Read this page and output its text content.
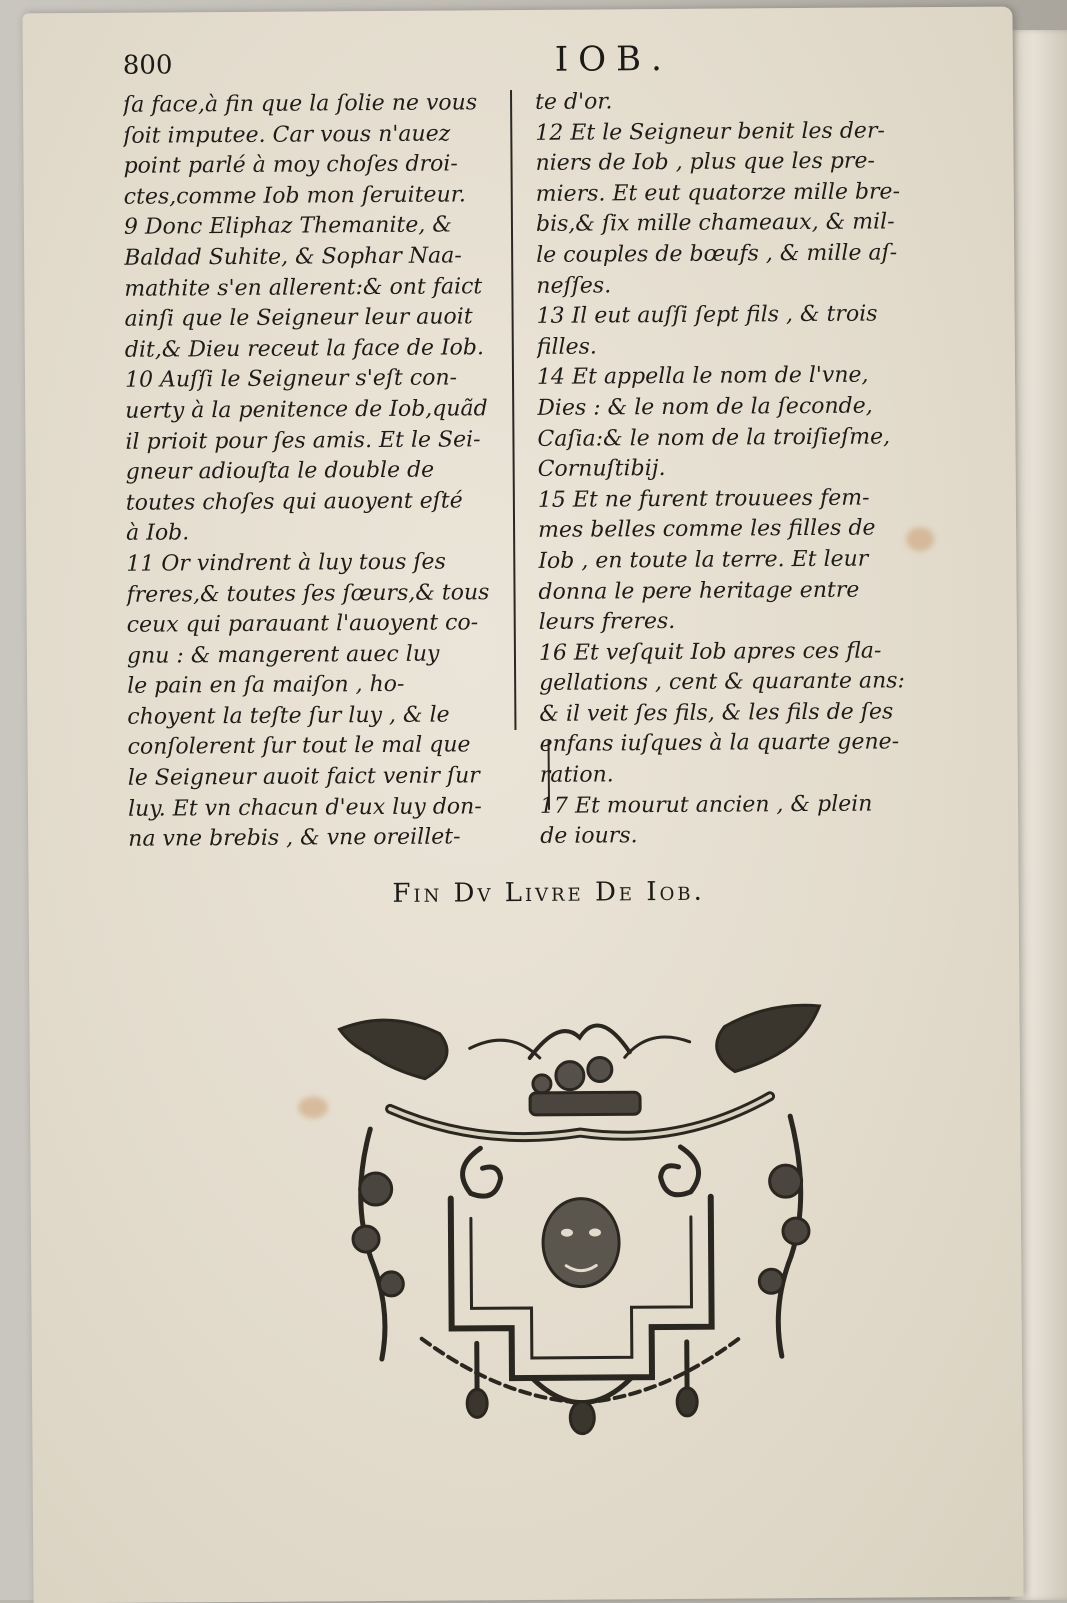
800	IOB.
ſa face,à fin que la ſolie ne vous
ſoit imputee. Car vous n'auez
point parlé à moy choſes droi-
ctes,comme Iob mon ſeruiteur.
9 Donc Eliphaz Themanite, &
Baldad Suhite, & Sophar Naa-
mathite s'en allerent:& ont faict
ainſi que le Seigneur leur auoit
dit,& Dieu receut la face de Iob.
10 Auſſi le Seigneur s'eſt con-
uerty à la penitence de Iob,quãd
il prioit pour ſes amis. Et le Sei-
gneur adiouſta le double de
toutes choſes qui auoyent eſté
à Iob.
11 Or vindrent à luy tous ſes
freres,& toutes ſes ſœurs,& tous
ceux qui parauant l'auoyent co-
gnu : & mangerent auec luy
le pain en ſa maiſon , ho-
choyent la teſte ſur luy , & le
conſolerent ſur tout le mal que
le Seigneur auoit faict venir ſur
luy. Et vn chacun d'eux luy don-
na vne brebis , & vne oreillet-
te d'or.
12 Et le Seigneur benit les der-
niers de Iob , plus que les pre-
miers. Et eut quatorze mille bre-
bis,& ſix mille chameaux, & mil-
le couples de bœufs , & mille aſ-
neſſes.
13 Il eut auſſi ſept fils , & trois
filles.
14 Et appella le nom de l'vne,
Dies : & le nom de la ſeconde,
Caſia:& le nom de la troiſieſme,
Cornuſtibij.
15 Et ne furent trouuees fem-
mes belles comme les filles de
Iob , en toute la terre. Et leur
donna le pere heritage entre
leurs freres.
16 Et veſquit Iob apres ces fla-
gellations , cent & quarante ans:
& il veit ſes fils, & les fils de ſes
enfans iuſques à la quarte gene-
ration.
17 Et mourut ancien , & plein
de iours.
Fin Dv Livre De Iob.
